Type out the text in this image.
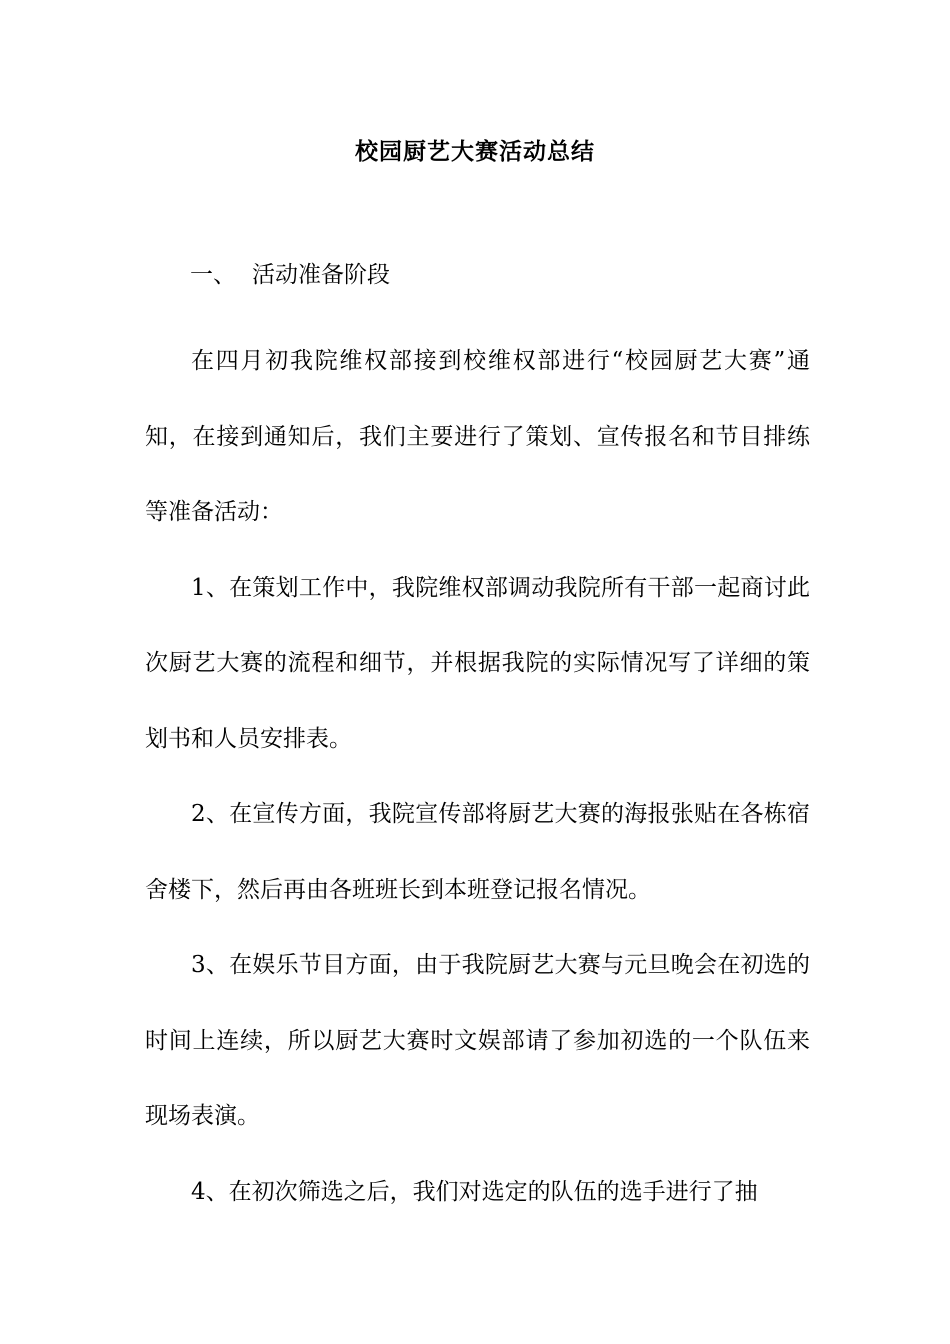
校园厨艺大赛活动总结
一、 活动准备阶段

在四月初我院维权部接到校维权部进行“校园厨艺大赛”通知，在接到通知后，我们主要进行了策划、宣传报名和节目排练等准备活动：

1、在策划工作中，我院维权部调动我院所有干部一起商讨此次厨艺大赛的流程和细节，并根据我院的实际情况写了详细的策划书和人员安排表。

2、在宣传方面，我院宣传部将厨艺大赛的海报张贴在各栋宿舍楼下，然后再由各班班长到本班登记报名情况。

3、在娱乐节目方面，由于我院厨艺大赛与元旦晚会在初选的时间上连续，所以厨艺大赛时文娱部请了参加初选的一个队伍来现场表演。

4、在初次筛选之后，我们对选定的队伍的选手进行了抽
